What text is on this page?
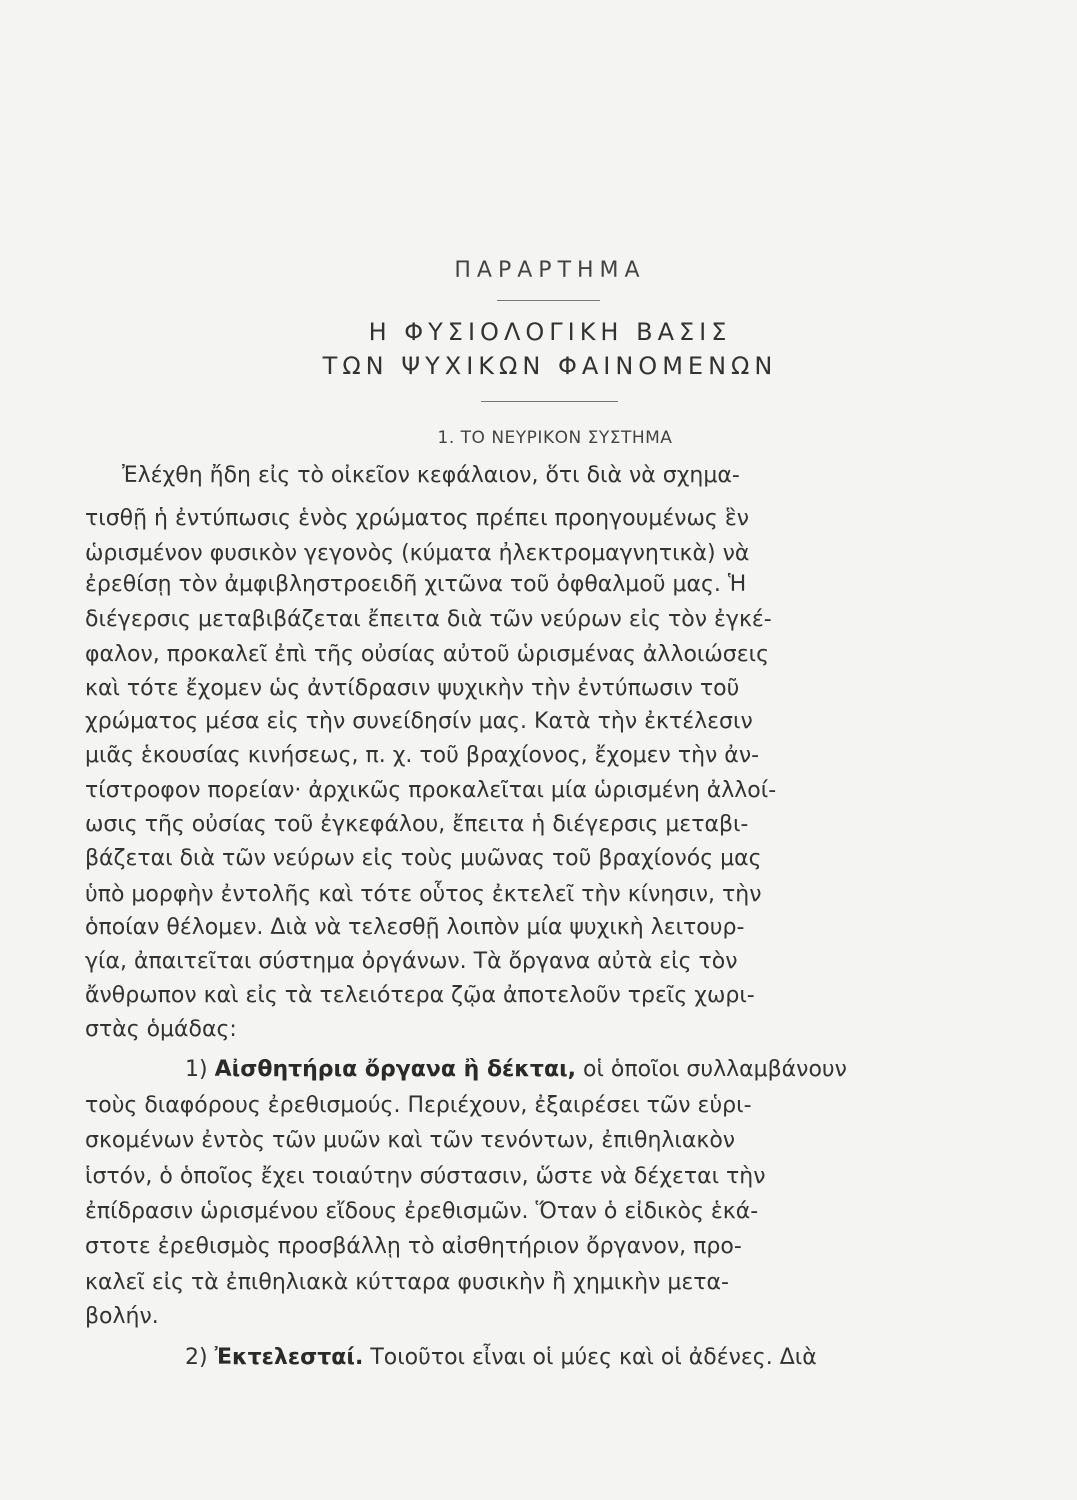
ΠΑΡΑΡΤΗΜΑ
Η ΦΥΣΙΟΛΟΓΙΚΗ ΒΑΣΙΣ
ΤΩΝ ΨΥΧΙΚΩΝ ΦΑΙΝΟΜΕΝΩΝ
1. ΤΟ ΝΕΥΡΙΚΟΝ ΣΥΣΤΗΜΑ
Ἐλέχθη ἤδη εἰς τὸ οἰκεῖον κεφάλαιον, ὅτι διὰ νὰ σχημα-
τισθῇ ἡ ἐντύπωσις ἑνὸς χρώματος πρέπει προηγουμένως ἓν
ὡρισμένον φυσικὸν γεγονὸς (κύματα ἠλεκτρομαγνητικὰ) νὰ
ἐρεθίσῃ τὸν ἀμφιβληστροειδῆ χιτῶνα τοῦ ὀφθαλμοῦ μας. Ἡ
διέγερσις μεταβιβάζεται ἔπειτα διὰ τῶν νεύρων εἰς τὸν ἐγκέ-
φαλον, προκαλεῖ ἐπὶ τῆς οὐσίας αὐτοῦ ὡρισμένας ἀλλοιώσεις
καὶ τότε ἔχομεν ὡς ἀντίδρασιν ψυχικὴν τὴν ἐντύπωσιν τοῦ
χρώματος μέσα εἰς τὴν συνείδησίν μας. Κατὰ τὴν ἐκτέλεσιν
μιᾶς ἑκουσίας κινήσεως, π. χ. τοῦ βραχίονος, ἔχομεν τὴν ἀν-
τίστροφον πορείαν· ἀρχικῶς προκαλεῖται μία ὡρισμένη ἀλλοί-
ωσις τῆς οὐσίας τοῦ ἐγκεφάλου, ἔπειτα ἡ διέγερσις μεταβι-
βάζεται διὰ τῶν νεύρων εἰς τοὺς μυῶνας τοῦ βραχίονός μας
ὑπὸ μορφὴν ἐντολῆς καὶ τότε οὗτος ἐκτελεῖ τὴν κίνησιν, τὴν
ὁποίαν θέλομεν. Διὰ νὰ τελεσθῇ λοιπὸν μία ψυχικὴ λειτουρ-
γία, ἀπαιτεῖται σύστημα ὀργάνων. Τὰ ὄργανα αὐτὰ εἰς τὸν
ἄνθρωπον καὶ εἰς τὰ τελειότερα ζῷα ἀποτελοῦν τρεῖς χωρι-
στὰς ὁμάδας:
1) Αἰσθητήρια ὄργανα ἢ δέκται, οἱ ὁποῖοι συλλαμβάνουν
τοὺς διαφόρους ἐρεθισμούς. Περιέχουν, ἐξαιρέσει τῶν εὑρι-
σκομένων ἐντὸς τῶν μυῶν καὶ τῶν τενόντων, ἐπιθηλιακὸν
ἱστόν, ὁ ὁποῖος ἔχει τοιαύτην σύστασιν, ὥστε νὰ δέχεται τὴν
ἐπίδρασιν ὡρισμένου εἴδους ἐρεθισμῶν. Ὅταν ὁ εἰδικὸς ἑκά-
στοτε ἐρεθισμὸς προσβάλλῃ τὸ αἰσθητήριον ὄργανον, προ-
καλεῖ εἰς τὰ ἐπιθηλιακὰ κύτταρα φυσικὴν ἢ χημικὴν μετα-
βολήν.
2) Ἐκτελεσταί. Τοιοῦτοι εἶναι οἱ μύες καὶ οἱ ἀδένες. Διὰ
